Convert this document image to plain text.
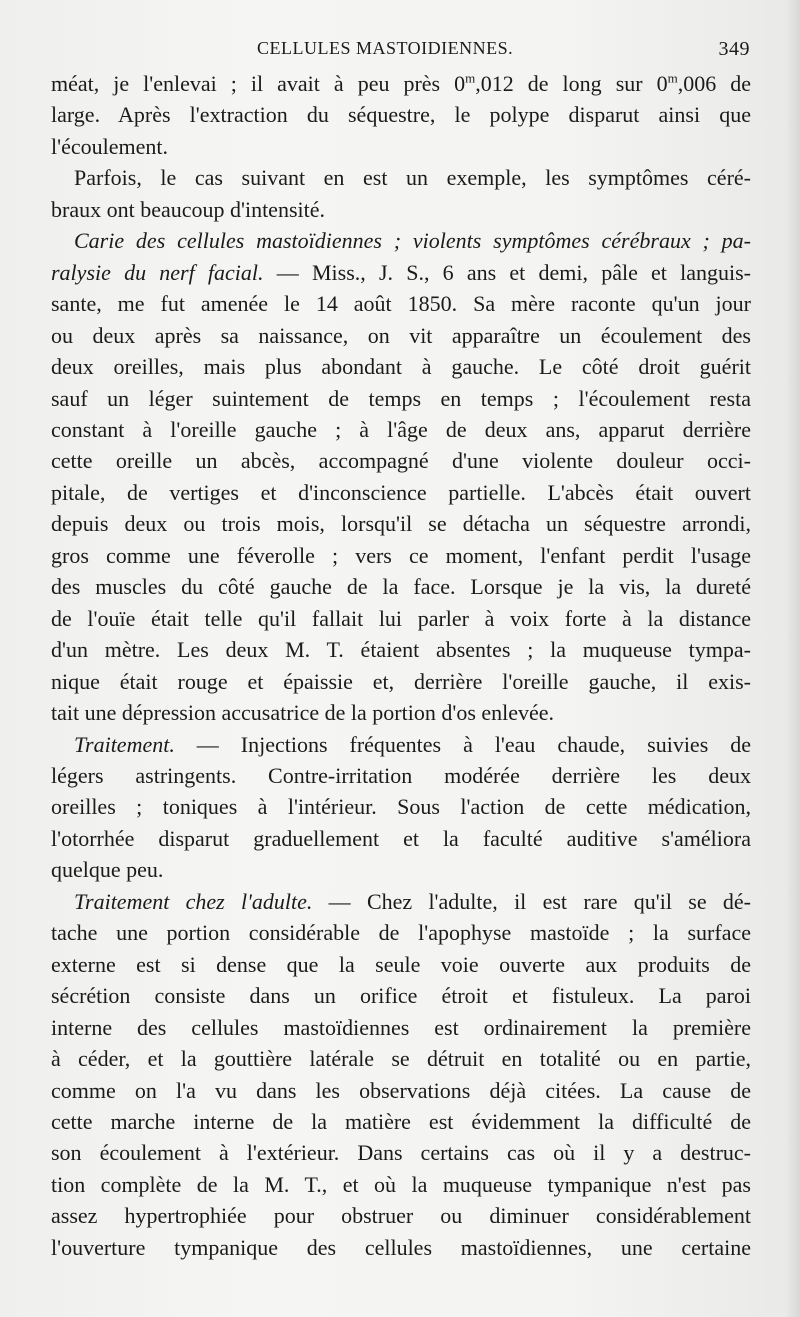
CELLULES MASTOIDIENNES.	349
méat, je l'enlevai ; il avait à peu près 0$^m$,012 de long sur 0$^m$,006 de
large. Après l'extraction du séquestre, le polype disparut ainsi que
l'écoulement.
Parfois, le cas suivant en est un exemple, les symptômes céré-
braux ont beaucoup d'intensité.
Carie des cellules mastoïdiennes ; violents symptômes cérébraux ; pa-
ralysie du nerf facial. — Miss., J. S., 6 ans et demi, pâle et languis-
sante, me fut amenée le 14 août 1850. Sa mère raconte qu'un jour
ou deux après sa naissance, on vit apparaître un écoulement des
deux oreilles, mais plus abondant à gauche. Le côté droit guérit
sauf un léger suintement de temps en temps ; l'écoulement resta
constant à l'oreille gauche ; à l'âge de deux ans, apparut derrière
cette oreille un abcès, accompagné d'une violente douleur occi-
pitale, de vertiges et d'inconscience partielle. L'abcès était ouvert
depuis deux ou trois mois, lorsqu'il se détacha un séquestre arrondi,
gros comme une féverolle ; vers ce moment, l'enfant perdit l'usage
des muscles du côté gauche de la face. Lorsque je la vis, la dureté
de l'ouïe était telle qu'il fallait lui parler à voix forte à la distance
d'un mètre. Les deux M. T. étaient absentes ; la muqueuse tympa-
nique était rouge et épaissie et, derrière l'oreille gauche, il exis-
tait une dépression accusatrice de la portion d'os enlevée.
Traitement. — Injections fréquentes à l'eau chaude, suivies de
légers astringents. Contre-irritation modérée derrière les deux
oreilles ; toniques à l'intérieur. Sous l'action de cette médication,
l'otorrhée disparut graduellement et la faculté auditive s'améliora
quelque peu.
Traitement chez l'adulte. — Chez l'adulte, il est rare qu'il se dé-
tache une portion considérable de l'apophyse mastoïde ; la surface
externe est si dense que la seule voie ouverte aux produits de
sécrétion consiste dans un orifice étroit et fistuleux. La paroi
interne des cellules mastoïdiennes est ordinairement la première
à céder, et la gouttière latérale se détruit en totalité ou en partie,
comme on l'a vu dans les observations déjà citées. La cause de
cette marche interne de la matière est évidemment la difficulté de
son écoulement à l'extérieur. Dans certains cas où il y a destruc-
tion complète de la M. T., et où la muqueuse tympanique n'est pas
assez hypertrophiée pour obstruer ou diminuer considérablement
l'ouverture tympanique des cellules mastoïdiennes, une certaine
